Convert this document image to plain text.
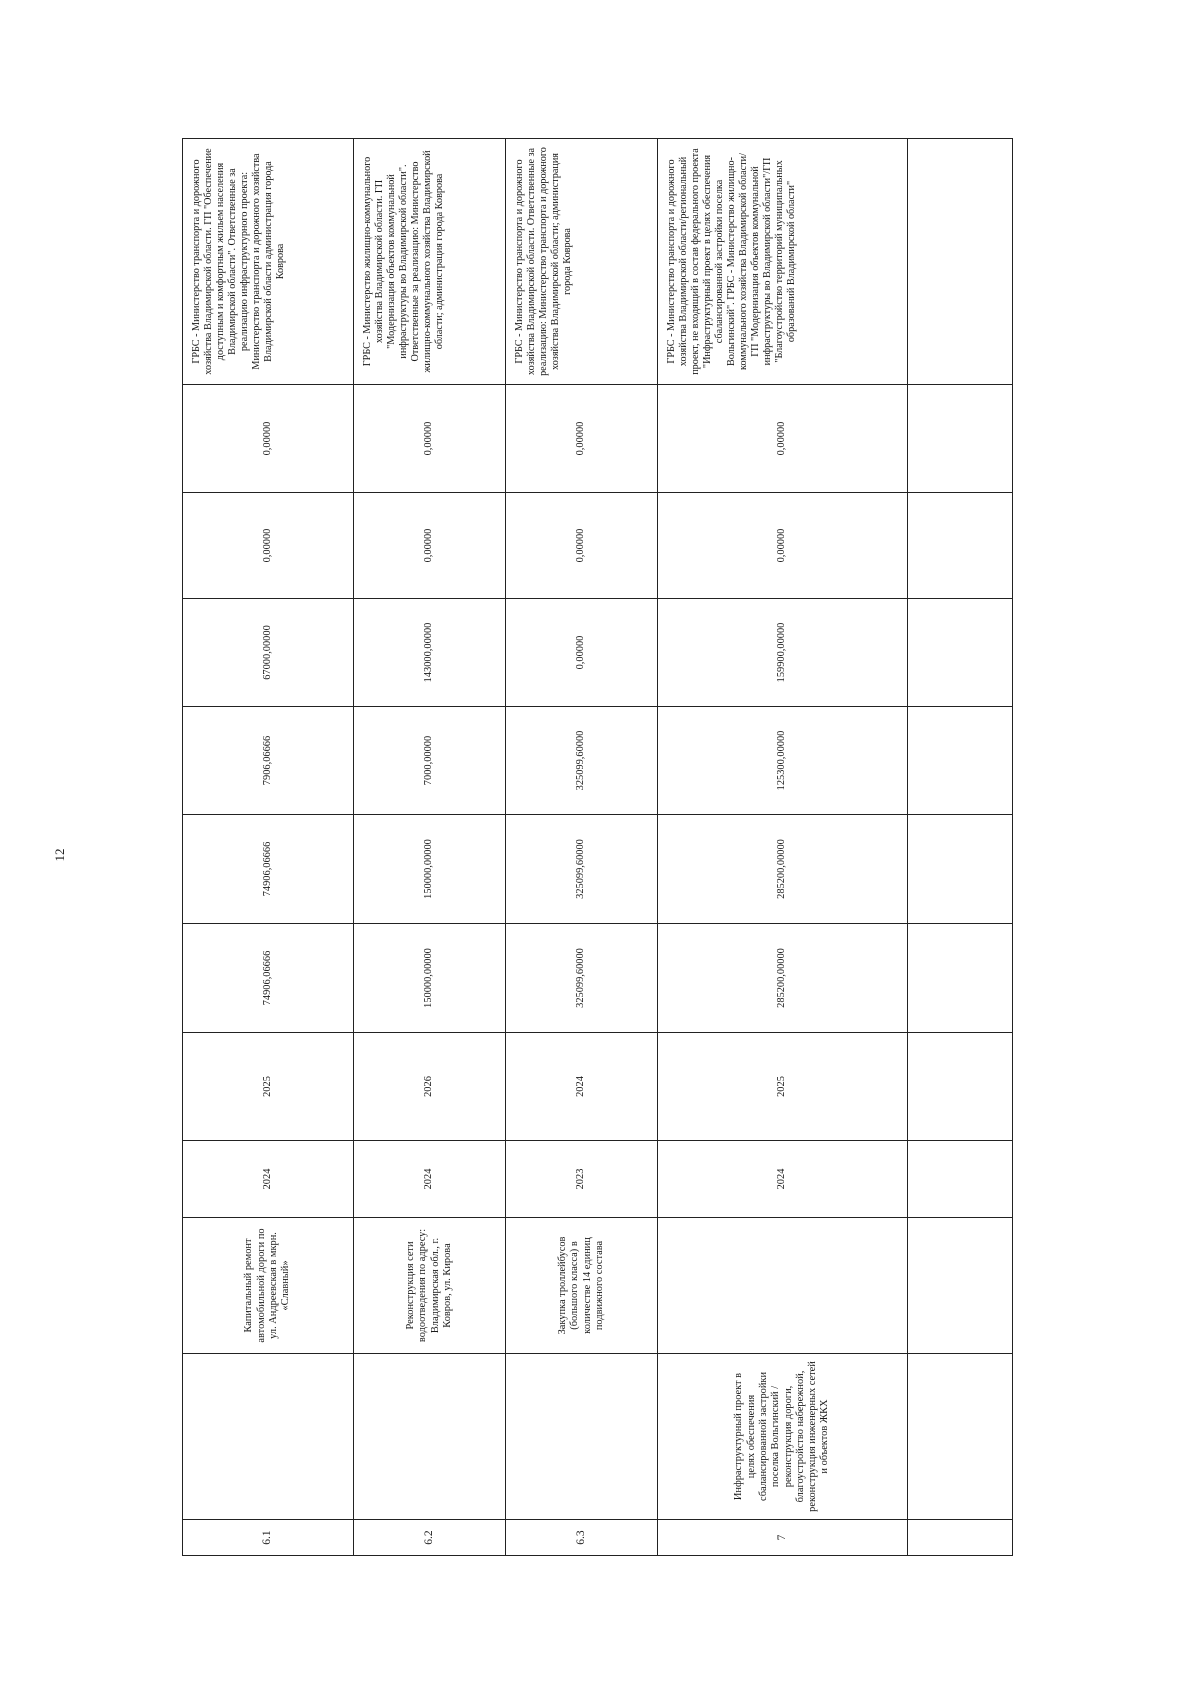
12
6.1		Капитальный ремонт автомобильной дороги по ул. Андреевская в мкрн. «Славный»	2024	2025	74906,06666	74906,06666	7906,06666	67000,00000	0,00000	0,00000	ГРБС - Министерство транспорта и дорожного хозяйства Владимирской области. ГП "Обеспечение доступным и комфортным жильем населения Владимирской области". Ответственные за реализацию инфраструктурного проекта: Министерство транспорта и дорожного хозяйства Владимирской области администрация города Коврова
6.2		Реконструкция сети водоотведения по адресу: Владимирская обл., г. Ковров, ул. Кирова	2024	2026	150000,00000	150000,00000	7000,00000	143000,00000	0,00000	0,00000	ГРБС - Министерство жилищно-коммунального хозяйства Владимирской области. ГП "Модернизация объектов коммунальной инфраструктуры во Владимирской области". Ответственные за реализацию: Министерство жилищно-коммунального хозяйства Владимирской области; администрация города Коврова
6.3		Закупка троллейбусов (большого класса) в количестве 14 единиц подвижного состава	2023	2024	325099,60000	325099,60000	325099,60000	0,00000	0,00000	0,00000	ГРБС - Министерство транспорта и дорожного хозяйства Владимирской области. Ответственные за реализацию: Министерство транспорта и дорожного хозяйства Владимирской области; администрация города Коврова
7	Инфраструктурный проект в целях обеспечения сбалансированной застройки поселка Вольгинский / реконструкция дороги, благоустройство набережной, реконструкция инженерных сетей и объектов ЖКХ		2024	2025	285200,00000	285200,00000	125300,00000	159900,00000	0,00000	0,00000	ГРБС - Министерство транспорта и дорожного хозяйства Владимирской области/региональный проект, не входящий в состав федерального проекта "Инфраструктурный проект в целях обеспечения сбалансированной застройки поселка Вольгинский". ГРБС - Министерство жилищно-коммунального хозяйства Владимирской области/ГП "Модернизация объектов коммунальной инфраструктуры во Владимирской области"/ГП "Благоустройство территорий муниципальных образований Владимирской области"
